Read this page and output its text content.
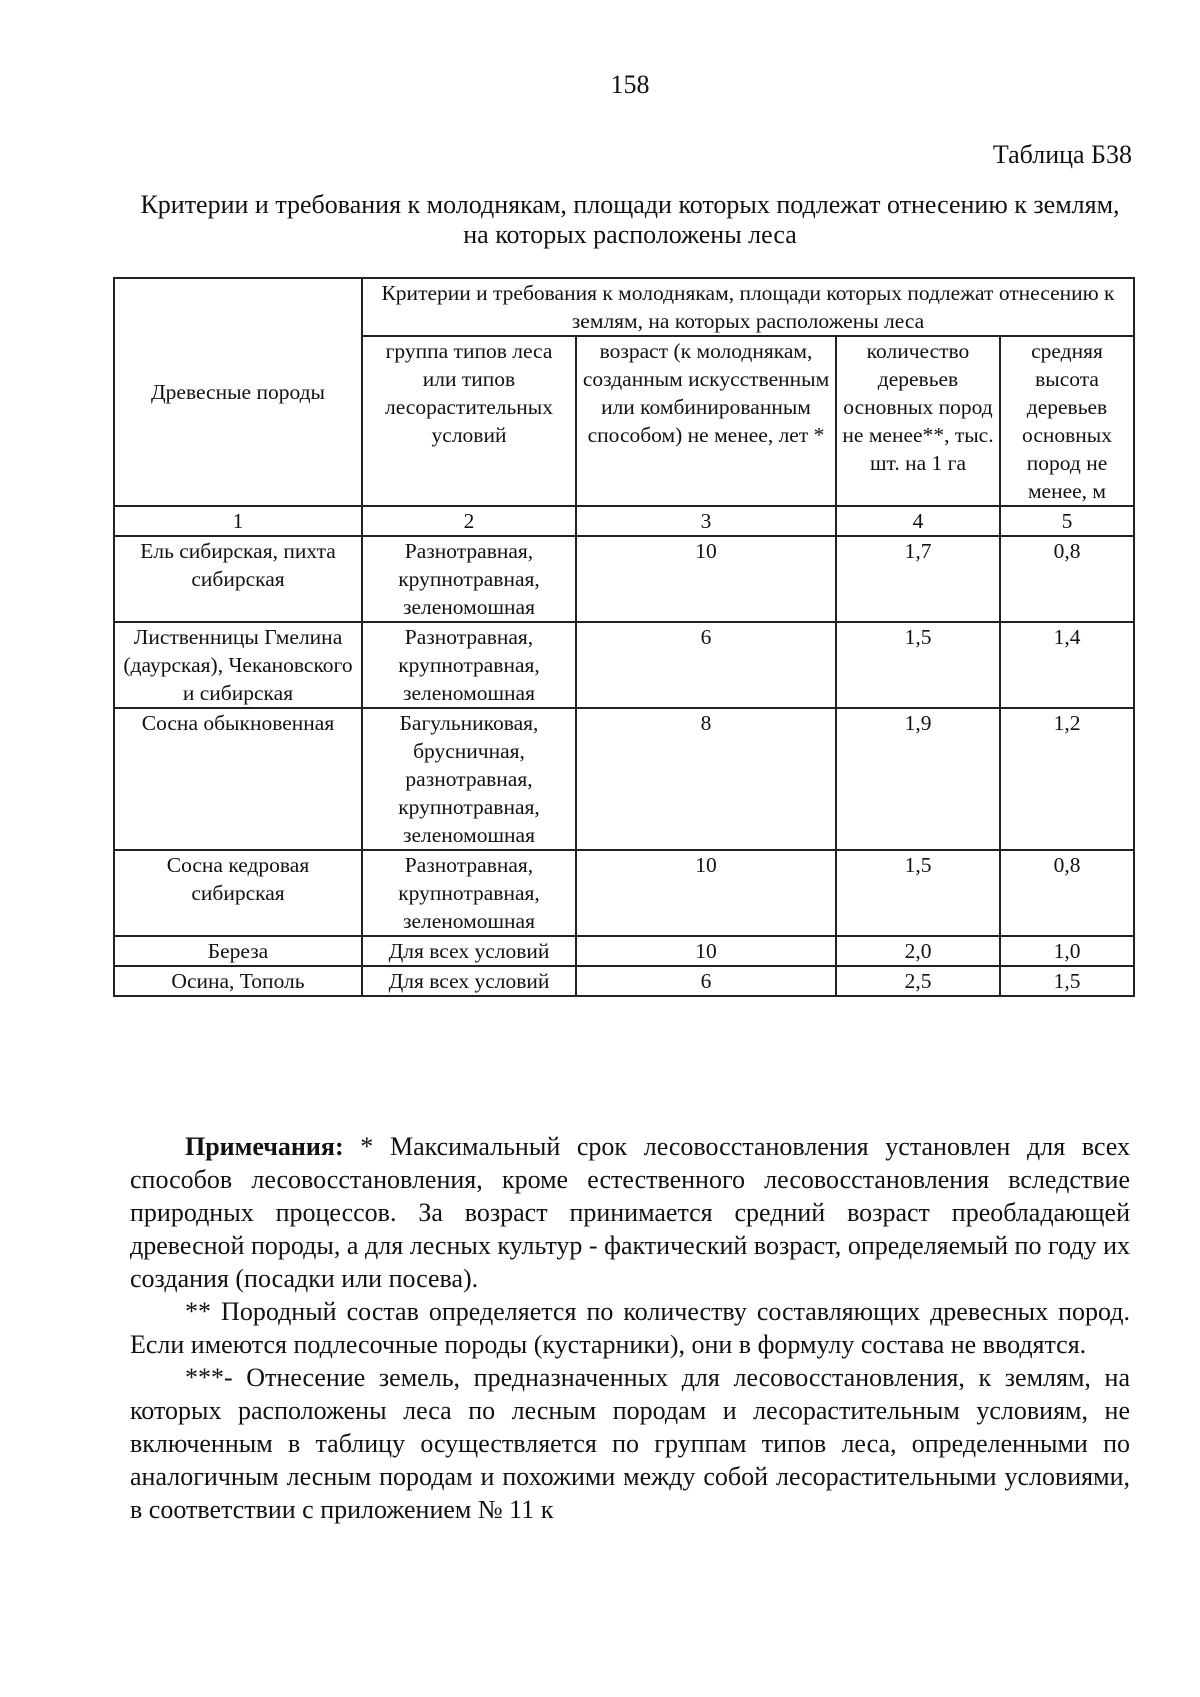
158
Таблица Б38
Критерии и требования к молоднякам, площади которых подлежат отнесению к землям, на которых расположены леса
Древесные породы	Критерии и требования к молоднякам, площади которых подлежат отнесению к землям, на которых расположены леса			
	группа типов леса или типов лесорастительных условий	возраст (к молоднякам, созданным искусственным или комбинированным способом) не менее, лет *	количество деревьев основных пород не менее**, тыс. шт. на 1 га	средняя высота деревьев основных пород не менее, м
1	2	3	4	5
Ель сибирская, пихта сибирская	Разнотравная, крупнотравная, зеленомошная	10	1,7	0,8
Лиственницы Гмелина (даурская), Чекановского и сибирская	Разнотравная, крупнотравная, зеленомошная	6	1,5	1,4
Сосна обыкновенная	Багульниковая, брусничная, разнотравная, крупнотравная, зеленомошная	8	1,9	1,2
Сосна кедровая сибирская	Разнотравная, крупнотравная, зеленомошная	10	1,5	0,8
Береза	Для всех условий	10	2,0	1,0
Осина, Тополь	Для всех условий	6	2,5	1,5

Примечания: * Максимальный срок лесовосстановления установлен для всех способов лесовосстановления, кроме естественного лесовосстановления вследствие природных процессов. За возраст принимается средний возраст преобладающей древесной породы, а для лесных культур - фактический возраст, определяемый по году их создания (посадки или посева).

** Породный состав определяется по количеству составляющих древесных пород. Если имеются подлесочные породы (кустарники), они в формулу состава не вводятся.

***- Отнесение земель, предназначенных для лесовосстановления, к землям, на которых расположены леса по лесным породам и лесорастительным условиям, не включенным в таблицу осуществляется по группам типов леса, определенными по аналогичным лесным породам и похожими между собой лесорастительными условиями, в соответствии с приложением № 11 к
